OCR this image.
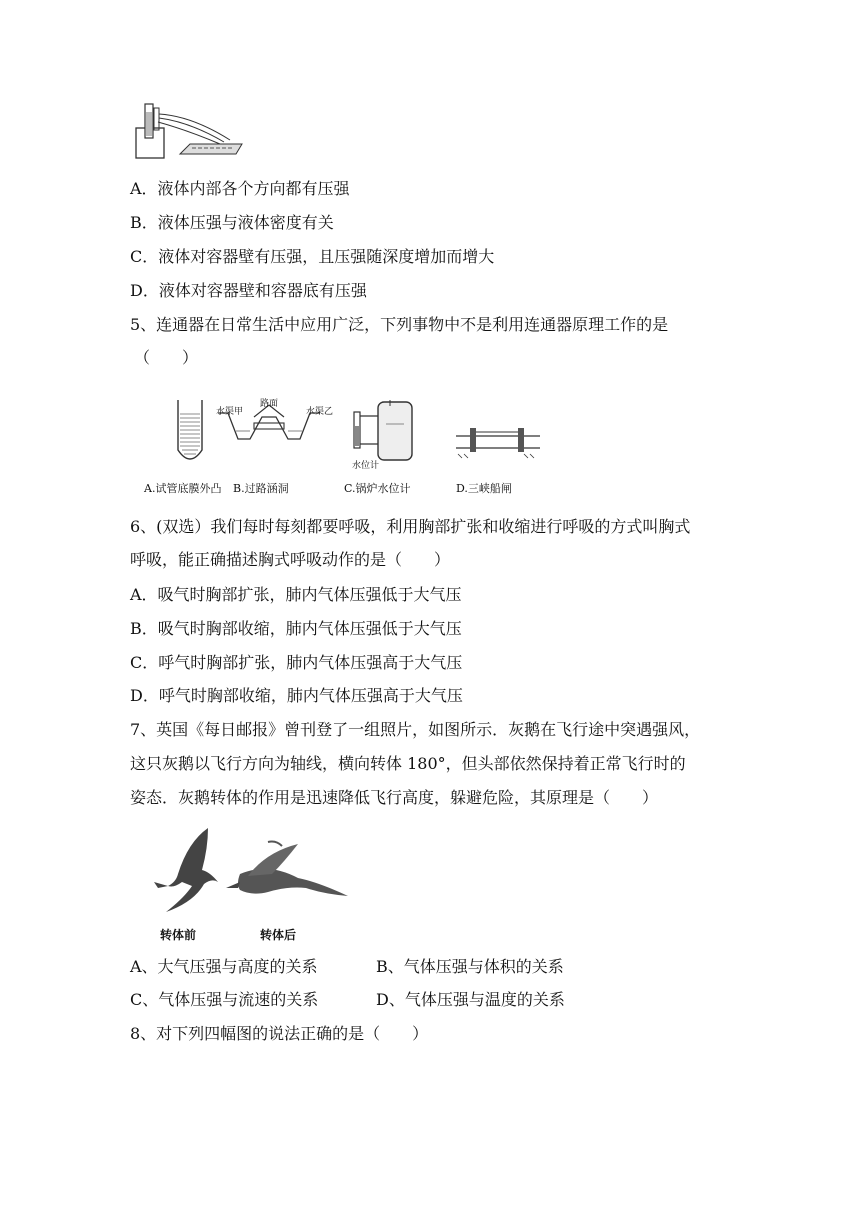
A．液体内部各个方向都有压强
B．液体压强与液体密度有关
C．液体对容器壁有压强，且压强随深度增加而增大
D．液体对容器壁和容器底有压强
5、连通器在日常生活中应用广泛，下列事物中不是利用连通器原理工作的是
（　　）
水渠甲
路面
水渠乙
水位计
A.试管底膜外凸 B.过路涵洞	C.锅炉水位计	D.三峡船闸
6、(双选）我们每时每刻都要呼吸，利用胸部扩张和收缩进行呼吸的方式叫胸式
呼吸，能正确描述胸式呼吸动作的是（　　）
A．吸气时胸部扩张，肺内气体压强低于大气压
B．吸气时胸部收缩，肺内气体压强低于大气压
C．呼气时胸部扩张，肺内气体压强高于大气压
D．呼气时胸部收缩，肺内气体压强高于大气压
7、英国《每日邮报》曾刊登了一组照片，如图所示．灰鹅在飞行途中突遇强风，
这只灰鹅以飞行方向为轴线，横向转体 180°，但头部依然保持着正常飞行时的
姿态．灰鹅转体的作用是迅速降低飞行高度，躲避危险，其原理是（　　）
转体前	转体后
A、大气压强与高度的关系	B、气体压强与体积的关系
C、气体压强与流速的关系	D、气体压强与温度的关系
8、对下列四幅图的说法正确的是（　　）
